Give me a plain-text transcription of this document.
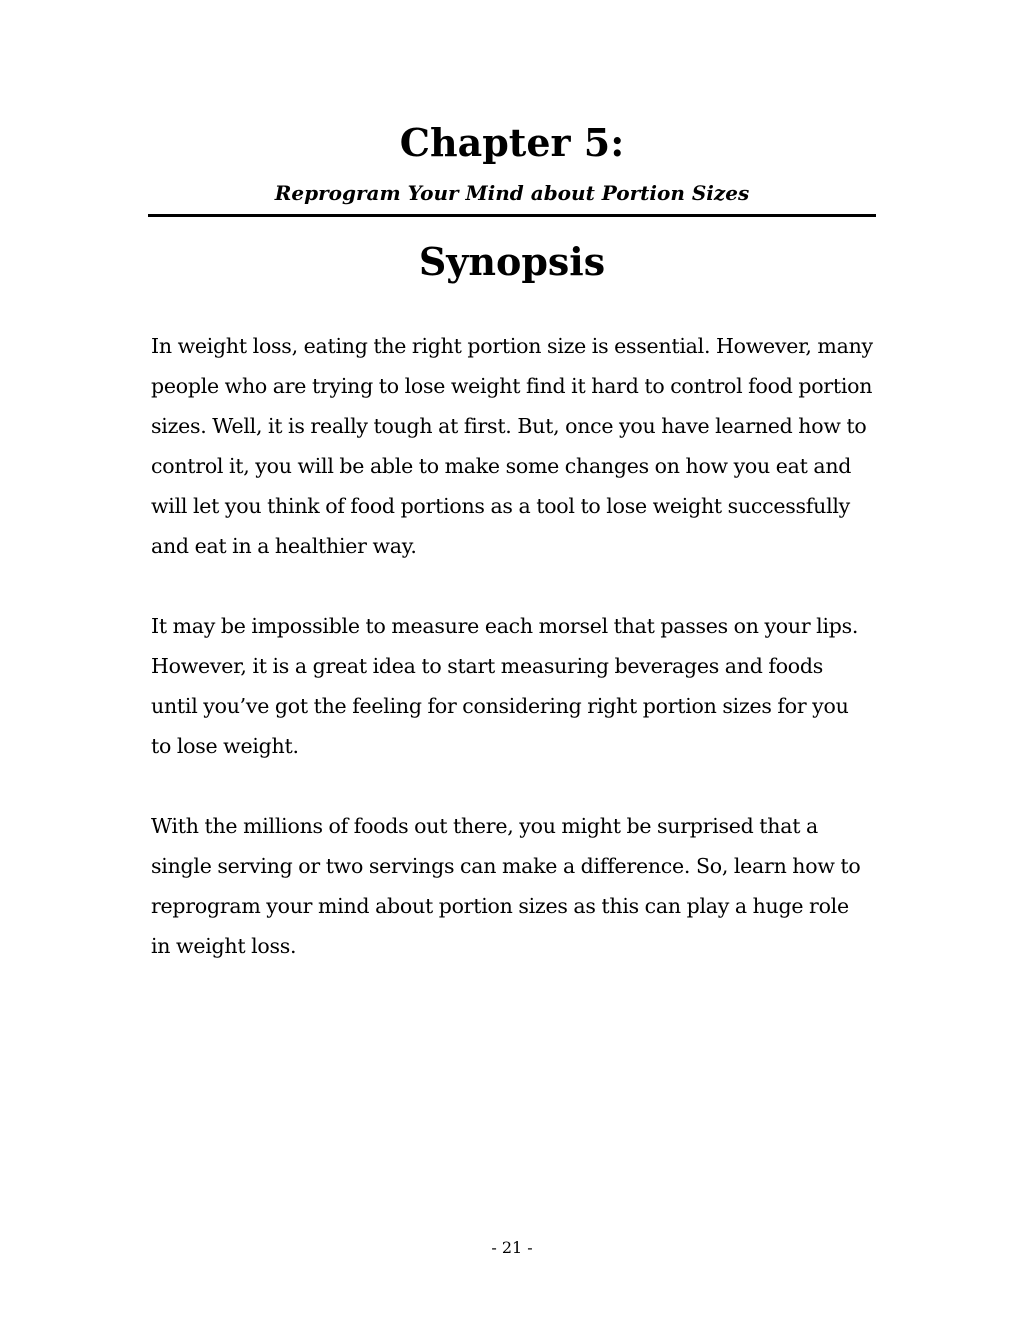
Chapter 5:
Reprogram Your Mind about Portion Sizes
Synopsis

In weight loss, eating the right portion size is essential. However, many people who are trying to lose weight find it hard to control food portion sizes. Well, it is really tough at first. But, once you have learned how to control it, you will be able to make some changes on how you eat and will let you think of food portions as a tool to lose weight successfully and eat in a healthier way.

It may be impossible to measure each morsel that passes on your lips. However, it is a great idea to start measuring beverages and foods until you’ve got the feeling for considering right portion sizes for you to lose weight.

With the millions of foods out there, you might be surprised that a single serving or two servings can make a difference. So, learn how to reprogram your mind about portion sizes as this can play a huge role in weight loss.

- 21 -
